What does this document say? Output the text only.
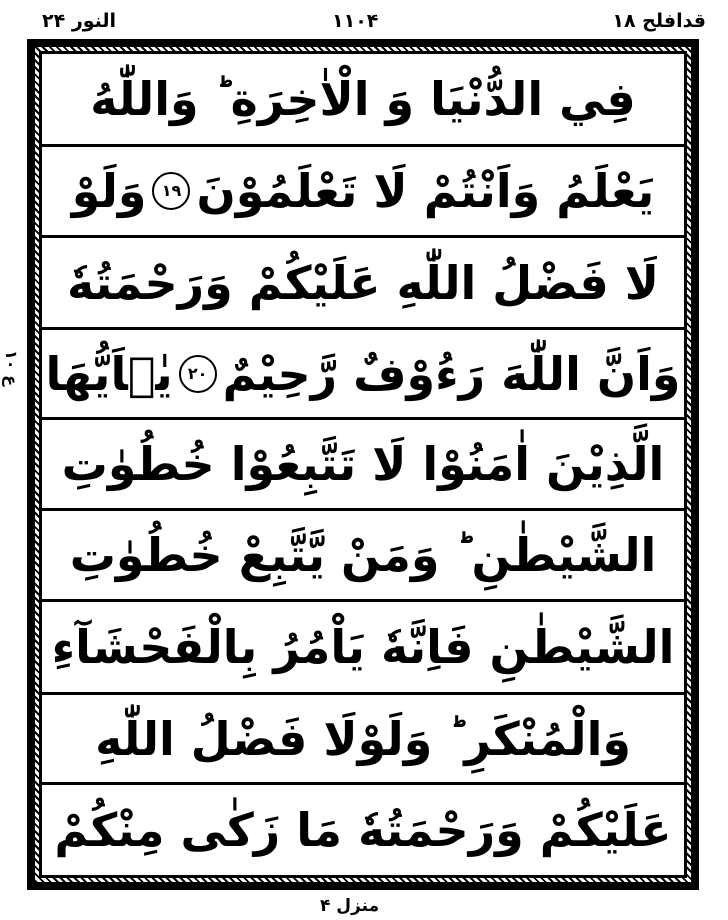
قدافلح ۱۸
۱۱۰۴
النور ۲۴
ع ۱۰
فِي الدُّنْيَا وَ الْاٰخِرَةِ ؕ وَاللّٰهُ
يَعْلَمُ وَاَنْتُمْ لَا تَعْلَمُوْنَ
۱۹
وَلَوْ
لَا فَضْلُ اللّٰهِ عَلَيْكُمْ وَرَحْمَتُهٗ
وَاَنَّ اللّٰهَ رَءُوْفٌ رَّحِيْمٌ
۲۰
يٰۤاَيُّهَا
الَّذِيْنَ اٰمَنُوْا لَا تَتَّبِعُوْا خُطُوٰتِ
الشَّيْطٰنِ ؕ وَمَنْ يَّتَّبِعْ خُطُوٰتِ
الشَّيْطٰنِ فَاِنَّهٗ يَاْمُرُ بِالْفَحْشَآءِ
وَالْمُنْكَرِ ؕ وَلَوْلَا فَضْلُ اللّٰهِ
عَلَيْكُمْ وَرَحْمَتُهٗ مَا زَكٰى مِنْكُمْ
منزل ۴
